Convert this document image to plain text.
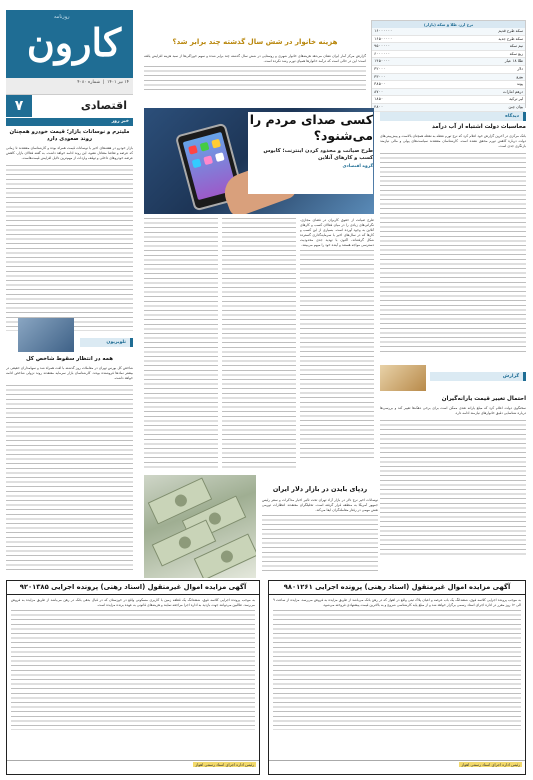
روزنامه
کارون
۱۴ تیر ۱۴۰۱  |  شماره ۴۰۸۰
۷	اقتصادی
هزینه خانوار در شش سال گذشته چند برابر شد؟

گزارش مرکز آمار ایران نشان می‌دهد هزینه‌های خانوار شهری و روستایی در شش سال گذشته چند برابر شده و سهم خوراکی‌ها از سبد هزینه افزایش یافته است؛ این در حالی است که درآمد خانوارها همپای تورم رشد نکرده است.

نرخ ارز، طلا و سکه (بازار)
سکه طرح قدیم	۱۶۰۰۰۰۰۰
سکه طرح جدید	۱۶۵۰۰۰۰۰
نیم سکه	۹۵۰۰۰۰۰
ربع سکه	۶۰۰۰۰۰۰
طلا ۱۸ عیار	۱۴۵۰۰۰۰
دلار	۳۲۰۰۰
یورو	۳۳۰۰۰
پوند	۳۸۵۰۰
درهم امارات	۸۷۰۰
لیر ترکیه	۱۸۵۰
یوان چین	۴۸۰۰
خبر روز
ملیترم و نوسانات بازار؛ قیمت خودرو همچنان روند صعودی دارد

بازار خودرو در هفته‌های اخیر با نوسانات قیمت همراه بوده و کارشناسان معتقدند تا زمانی که عرضه و تقاضا متعادل نشود، این روند ادامه خواهد داشت. به گفته فعالان بازار، کاهش عرضه خودروهای داخلی و توقف واردات از مهم‌ترین دلایل افزایش قیمت‌هاست.

تلویزیون
همه در انتظار سقوط شاخص کل

شاخص کل بورس تهران در معاملات روز گذشته با افت همراه شد و سهامداران حقیقی در بیشتر نمادها فروشنده بودند. کارشناسان بازار سرمایه معتقدند روند نزولی شاخص ادامه خواهد داشت.

کسی صدای مردم را می‌شنود؟
طرح صیانت و محدود کردن اینترنت؛ کابوس کسب و کارهای آنلاین
گروه اقتصادی

طرح صیانت از حقوق کاربران در فضای مجازی، نگرانی‌های زیادی را در میان فعالان کسب و کارهای آنلاین به وجود آورده است. بسیاری از این کسب و کارها که در سال‌های اخیر با سرمایه‌گذاری گسترده شکل گرفته‌اند، اکنون با تهدید جدی محدودیت دسترسی مواجه هستند و آینده خود را مبهم می‌بینند.

دیدگاه
محاسبات دولت اشتباه از آب درآمد

بانک مرکزی در آخرین گزارش خود اعلام کرد که نرخ تورم نقطه به نقطه همچنان بالاست و پیش‌بینی‌های دولت درباره کاهش تورم محقق نشده است. کارشناسان معتقدند سیاست‌های پولی و مالی نیازمند بازنگری جدی است.

گزارش
احتمال تغییر قیمت یارانه‌گیران

سخنگوی دولت اعلام کرد که مبلغ یارانه نقدی ممکن است برای برخی دهک‌ها تغییر کند و بررسی‌ها درباره شناسایی دقیق خانوارهای نیازمند ادامه دارد.

ردپای بایدن در بازار دلار ایران

نوسانات اخیر نرخ دلار در بازار آزاد تهران تحت تأثیر اخبار مذاکرات و سفر رئیس جمهور آمریکا به منطقه قرار گرفته است. تحلیلگران معتقدند انتظارات تورمی نقش مهمی در رفتار معامله‌گران ایفا می‌کند.

آگهی مزایده اموال غیرمنقول (اسناد رهنی) پرونده اجرایی ۹۲۰۱۳۸۵

به موجب پرونده اجرایی کلاسه فوق، ششدانگ یک قطعه زمین با کاربری مسکونی واقع در خوزستان که در قبال بدهی بانک در رهن می‌باشد از طریق مزایده به فروش می‌رسد. طالبین می‌توانند جهت بازدید به اداره اجرا مراجعه نمایند و هزینه‌های قانونی به عهده برنده مزایده است.

رئیس اداره اجرای اسناد رسمی اهواز
آگهی مزایده اموال غیرمنقول (اسناد رهنی) پرونده اجرایی ۹۸۰۱۲۶۱

به موجب پرونده اجرایی کلاسه فوق، ششدانگ یک باب عرصه و اعیان پلاک ثبتی واقع در اهواز که در رهن بانک می‌باشد از طریق مزایده به فروش می‌رسد. مزایده از ساعت ۹ الی ۱۲ روز مقرر در اداره اجرای اسناد رسمی برگزار خواهد شد و از مبلغ پایه کارشناسی شروع و به بالاترین قیمت پیشنهادی فروخته می‌شود.

رئیس اداره اجرای اسناد رسمی اهواز
